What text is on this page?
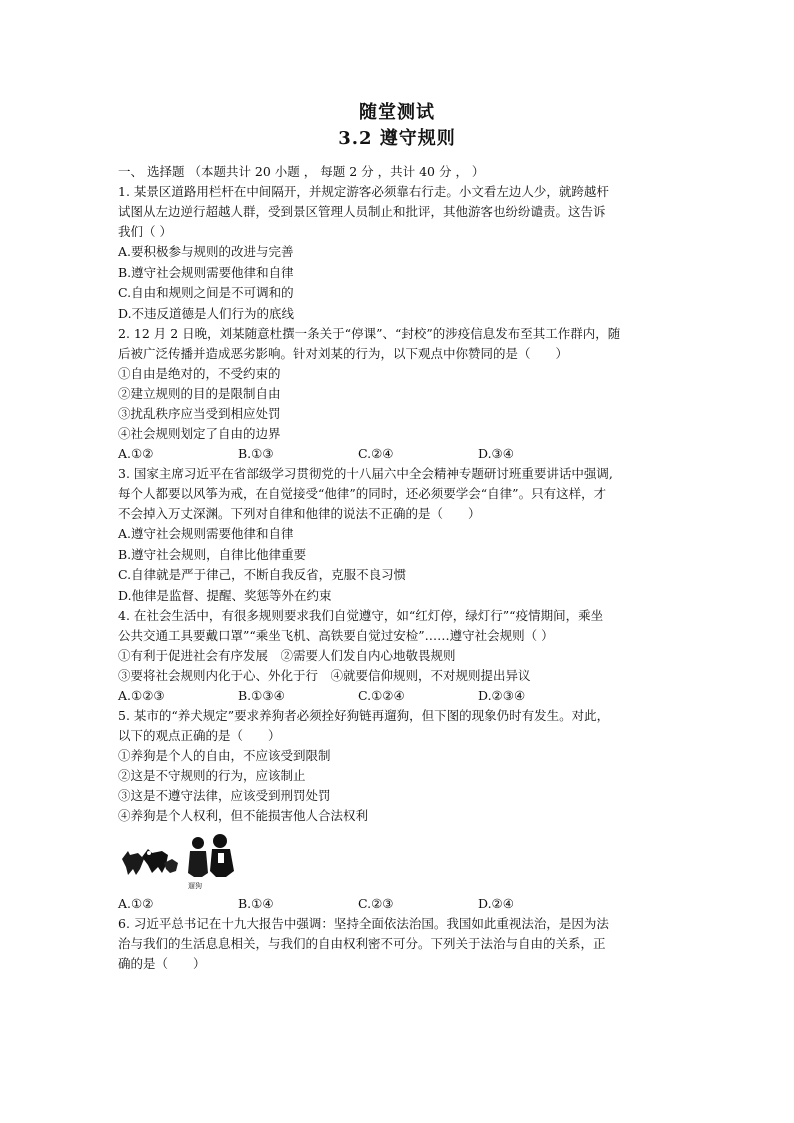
随堂测试
3.2 遵守规则
一、 选择题 （本题共计 20 小题 ， 每题 2 分 ，共计 40 分 ， ）
1. 某景区道路用栏杆在中间隔开，并规定游客必须靠右行走。小文看左边人少，就跨越杆
试图从左边逆行超越人群，受到景区管理人员制止和批评，其他游客也纷纷谴责。这告诉
我们（ ）
A.要积极参与规则的改进与完善
B.遵守社会规则需要他律和自律
C.自由和规则之间是不可调和的
D.不违反道德是人们行为的底线
2. 12 月 2 日晚，刘某随意杜撰一条关于“停课”、“封校”的涉疫信息发布至其工作群内，随
后被广泛传播并造成恶劣影响。针对刘某的行为，以下观点中你赞同的是（　　）
①自由是绝对的，不受约束的
②建立规则的目的是限制自由
③扰乱秩序应当受到相应处罚
④社会规则划定了自由的边界
A.①②	B.①③	C.②④	D.③④
3. 国家主席习近平在省部级学习贯彻党的十八届六中全会精神专题研讨班重要讲话中强调,
每个人都要以风筝为戒，在自觉接受“他律”的同时，还必须要学会“自律”。只有这样，才
不会掉入万丈深渊。下列对自律和他律的说法不正确的是（　　）
A.遵守社会规则需要他律和自律
B.遵守社会规则，自律比他律重要
C.自律就是严于律己，不断自我反省，克服不良习惯
D.他律是监督、提醒、奖惩等外在约束
4. 在社会生活中，有很多规则要求我们自觉遵守，如“红灯停，绿灯行”“疫情期间，乘坐
公共交通工具要戴口罩”“乘坐飞机、高铁要自觉过安检”……遵守社会规则（ ）
①有利于促进社会有序发展　②需要人们发自内心地敬畏规则
③要将社会规则内化于心、外化于行　④就要信仰规则，不对规则提出异议
A.①②③	B.①③④	C.①②④	D.②③④
5. 某市的“养犬规定”要求养狗者必须拴好狗链再遛狗，但下图的现象仍时有发生。对此，
以下的观点正确的是（　　）
①养狗是个人的自由，不应该受到限制
②这是不守规则的行为，应该制止
③这是不遵守法律，应该受到刑罚处罚
④养狗是个人权利，但不能损害他人合法权利
遛狗
A.①②	B.①④	C.②③	D.②④
6. 习近平总书记在十九大报告中强调：坚持全面依法治国。我国如此重视法治，是因为法
治与我们的生活息息相关，与我们的自由权利密不可分。下列关于法治与自由的关系，正
确的是（　　）
